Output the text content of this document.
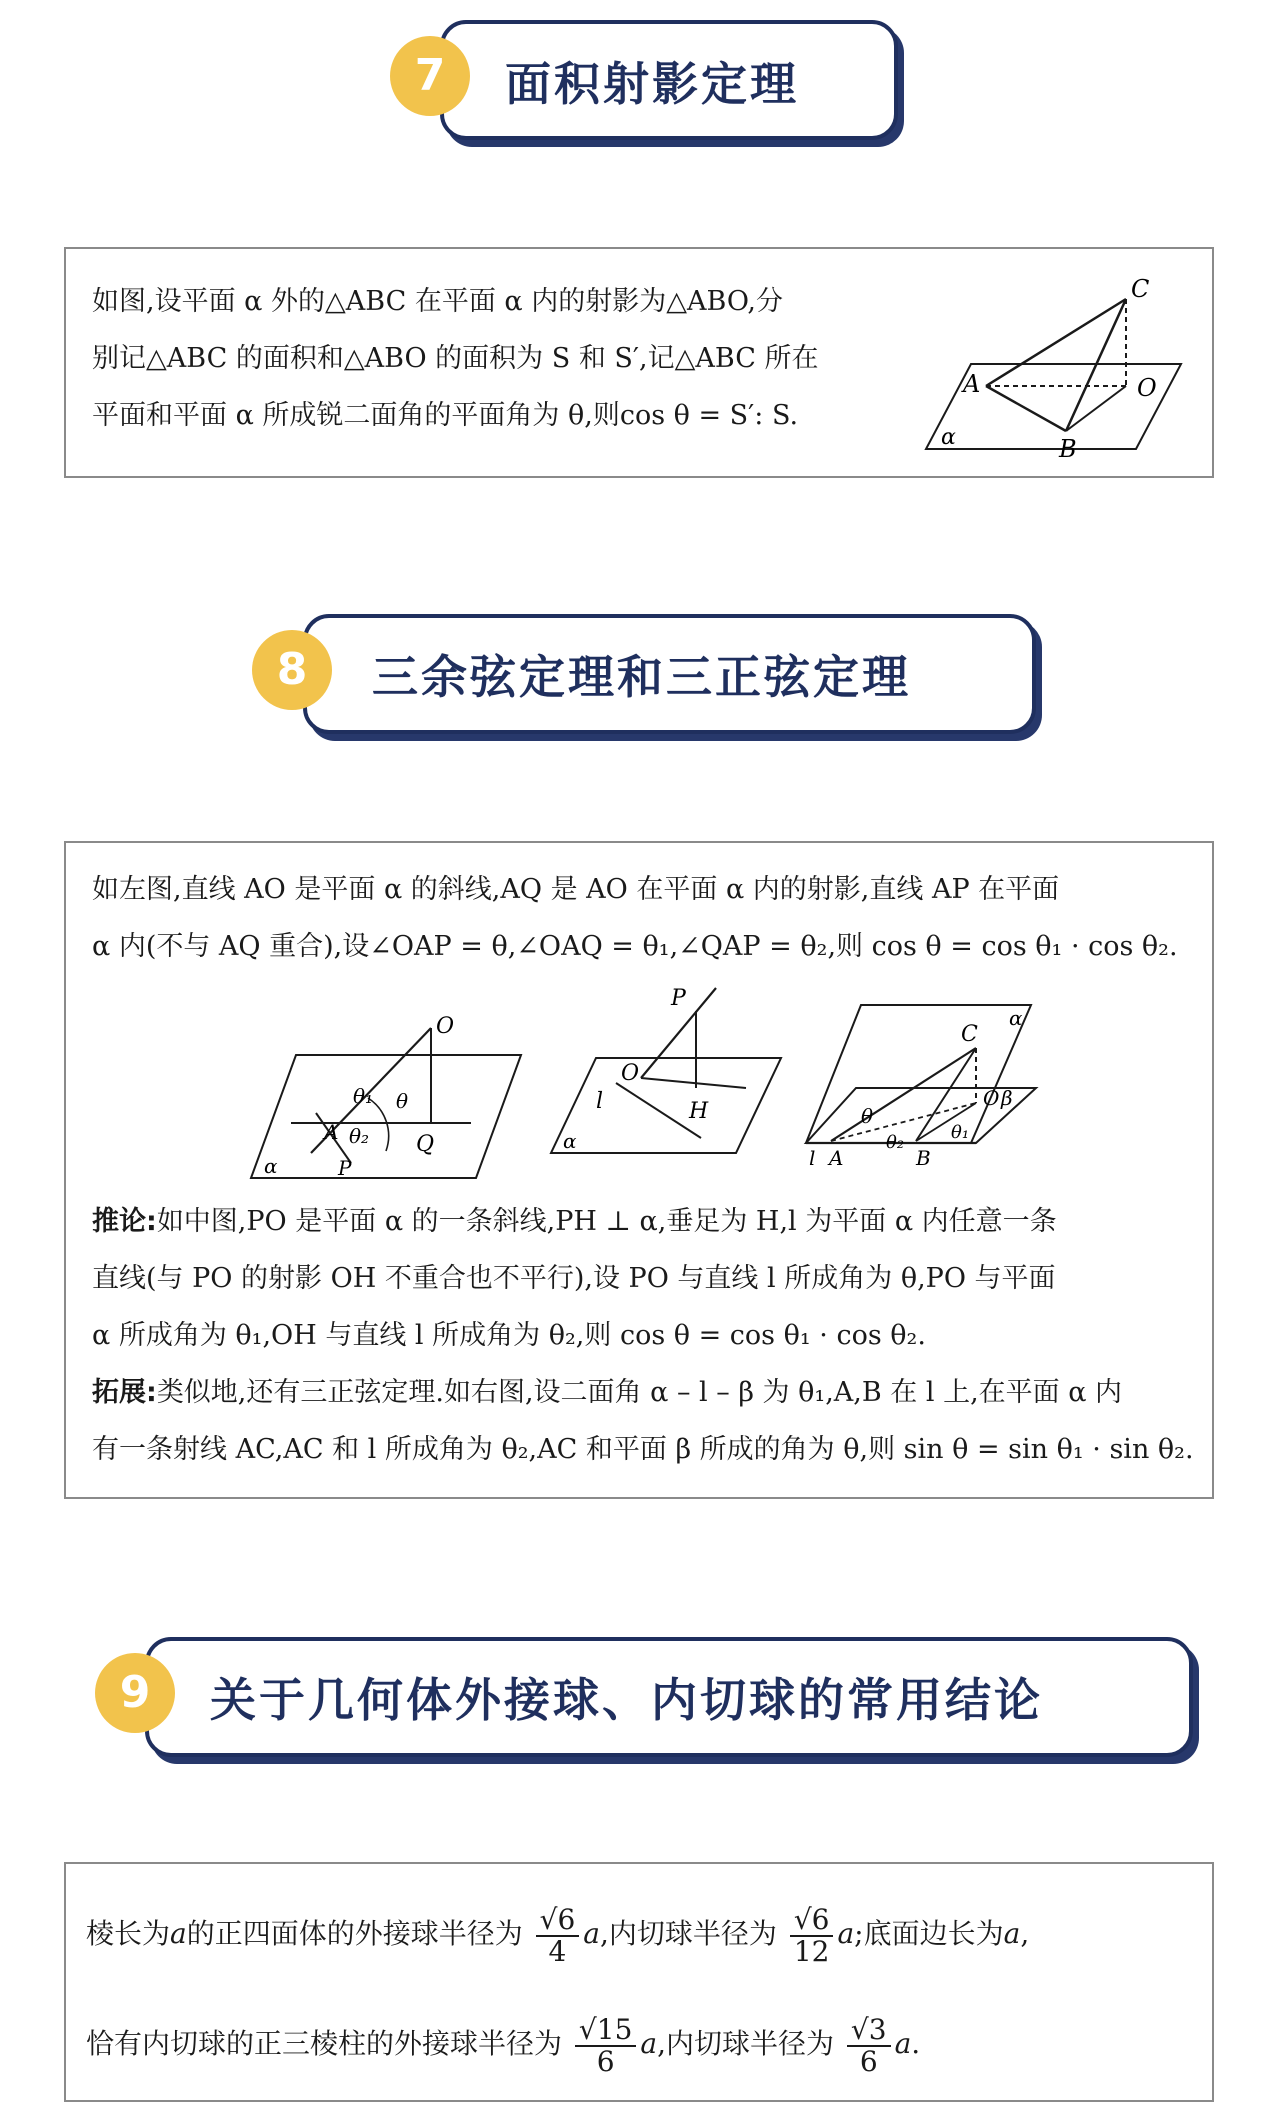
7	面积射影定理
如图,设平面 α 外的△ABC 在平面 α 内的射影为△ABO,分
别记△ABC 的面积和△ABO 的面积为 S 和 S′,记△ABC 所在
平面和平面 α 所成锐二面角的平面角为 θ,则cos θ = S′: S.
C
A	O
B
α
8	三余弦定理和三正弦定理
如左图,直线 AO 是平面 α 的斜线,AQ 是 AO 在平面 α 内的射影,直线 AP 在平面
α 内(不与 AQ 重合),设∠OAP = θ,∠OAQ = θ₁,∠QAP = θ₂,则 cos θ = cos θ₁ · cos θ₂.
O
θ₁ θ
A θ₂
P
Q
α
P
O
l	H
α
α
C
θ
O β
l A
θ₂
B
θ₁
推论:如中图,PO 是平面 α 的一条斜线,PH ⊥ α,垂足为 H,l 为平面 α 内任意一条
直线(与 PO 的射影 OH 不重合也不平行),设 PO 与直线 l 所成角为 θ,PO 与平面
α 所成角为 θ₁,OH 与直线 l 所成角为 θ₂,则 cos θ = cos θ₁ · cos θ₂.
拓展:类似地,还有三正弦定理.如右图,设二面角 α – l – β 为 θ₁,A,B 在 l 上,在平面 α 内
有一条射线 AC,AC 和 l 所成角为 θ₂,AC 和平面 β 所成的角为 θ,则 sin θ = sin θ₁ · sin θ₂.
9	关于几何体外接球、内切球的常用结论
棱长为a的正四面体的外接球半径为 $\frac{√6}{4} a$,内切球半径为 $\frac{√6}{12} a$;底面边长为a,
恰有内切球的正三棱柱的外接球半径为 $\frac{√15}{6} a$,内切球半径为 $\frac{√3}{6} a$.
